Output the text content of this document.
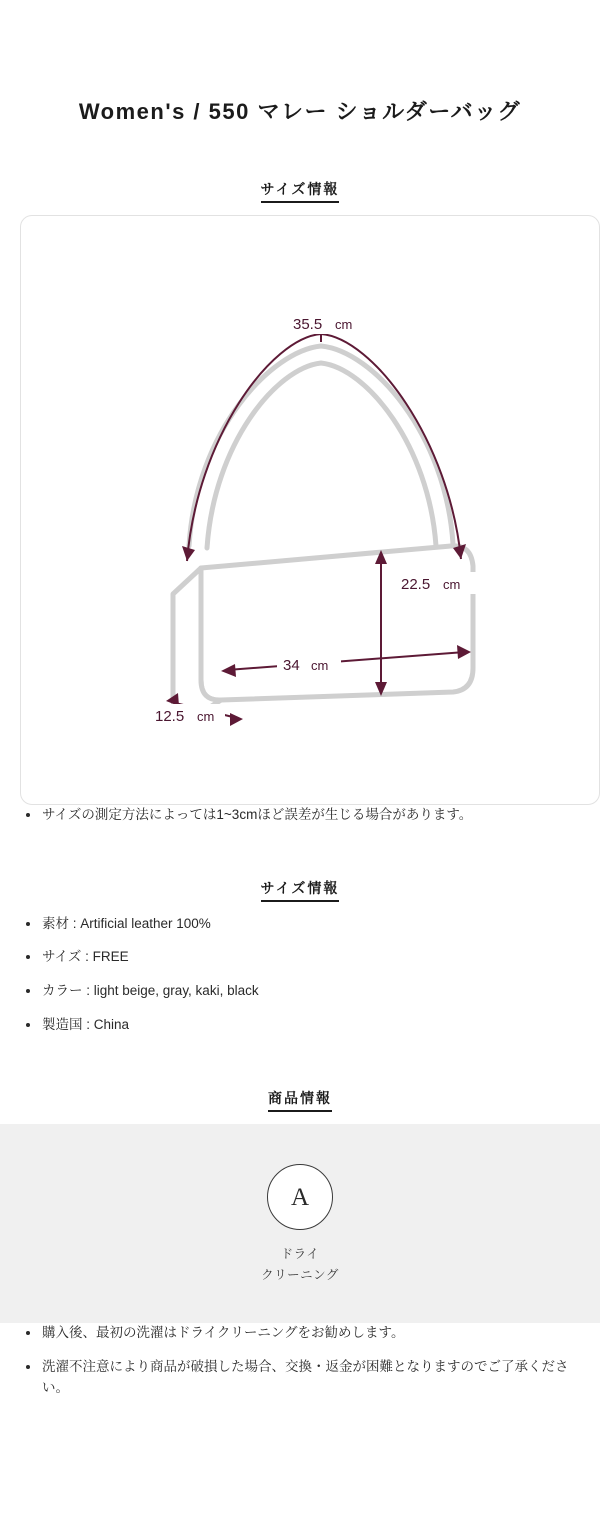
Women's / 550 マレー ショルダーバッグ
サイズ情報
35.5 cm
22.5 cm
34 cm
12.5 cm
サイズの測定方法によっては1~3cmほど誤差が生じる場合があります。
サイズ情報
素材 : Artificial leather 100%
サイズ : FREE
カラー : light beige, gray, kaki, black
製造国 : China
商品情報
A
ドライ
クリーニング
購入後、最初の洗濯はドライクリーニングをお勧めします。
洗濯不注意により商品が破損した場合、交換・返金が困難となりますのでご了承ください。
